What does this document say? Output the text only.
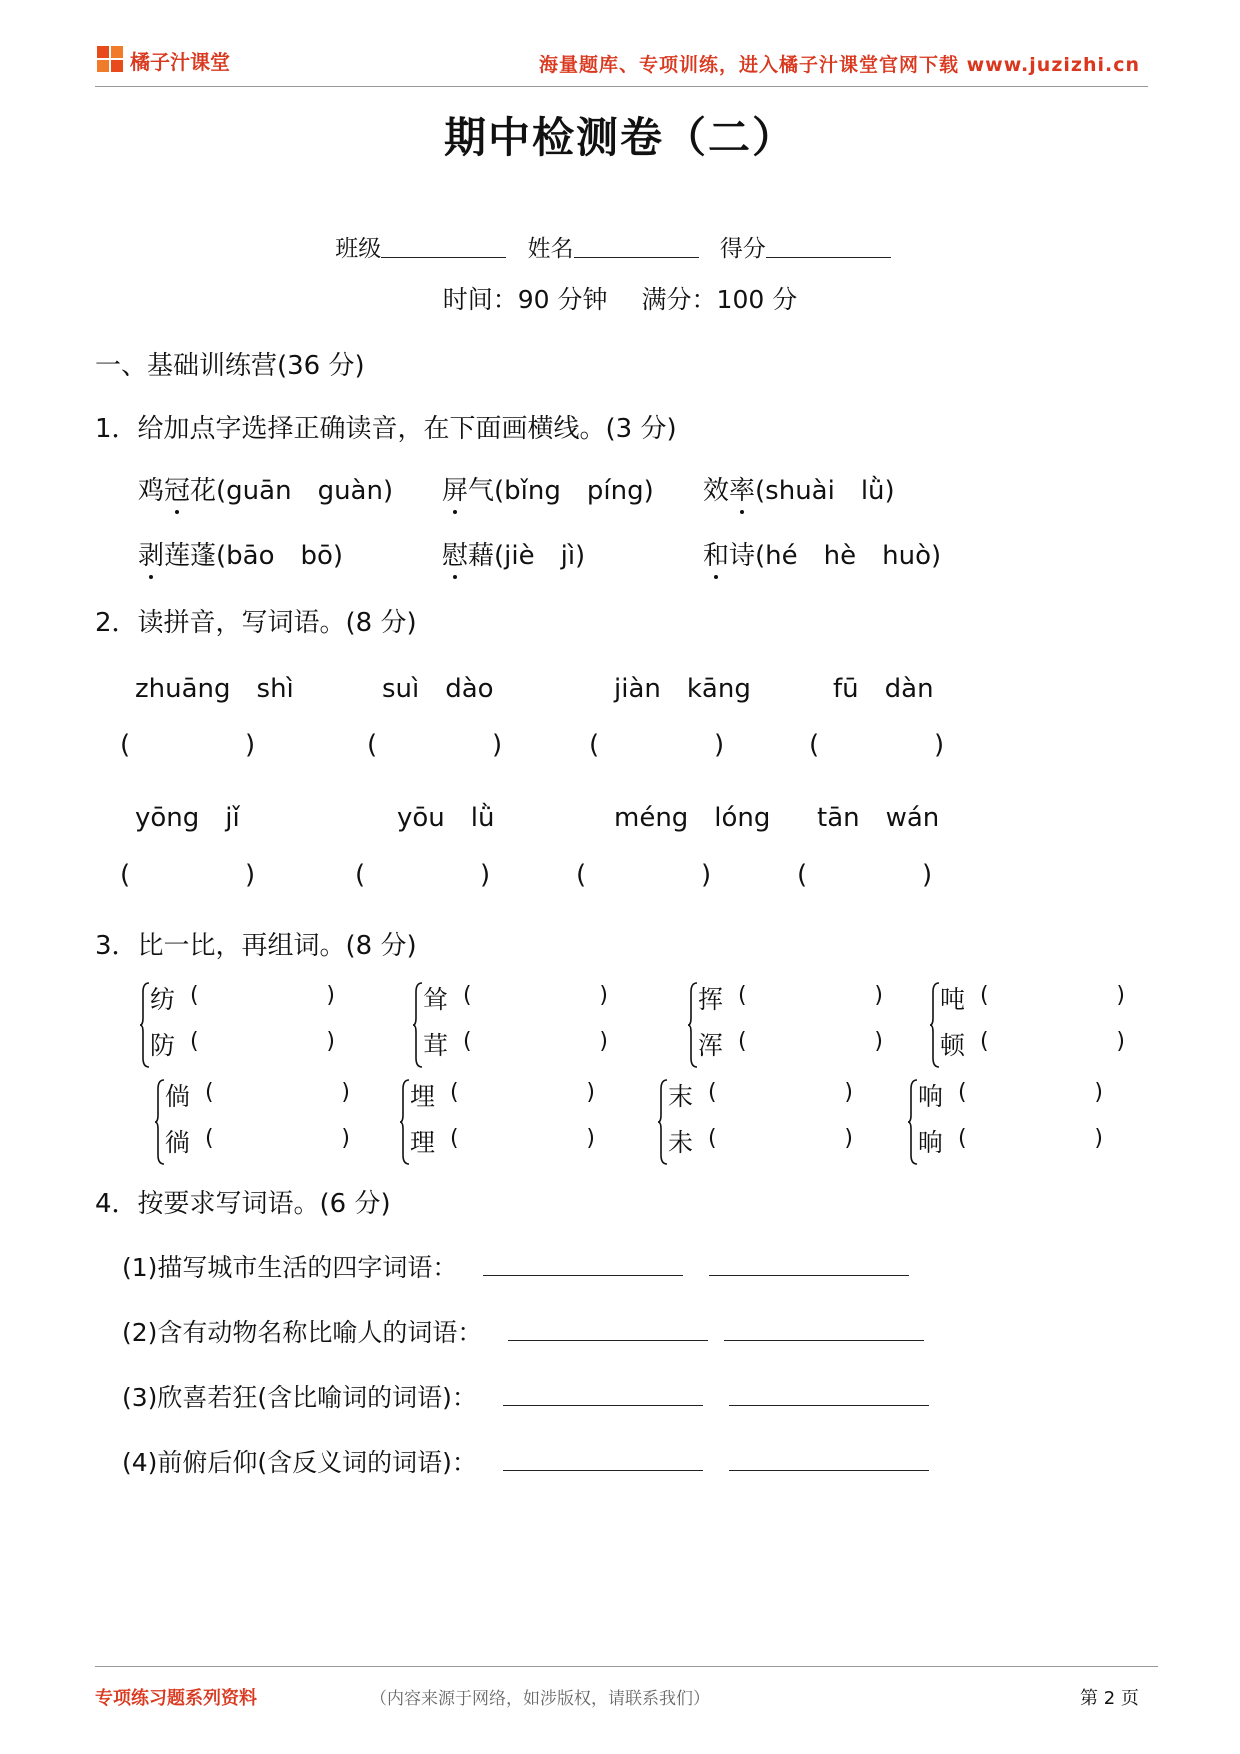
橘子汁课堂	海量题库、专项训练，进入橘子汁课堂官网下载 www.juzizhi.cn
期中检测卷（二）
班级	姓名	得分
时间：90 分钟 满分：100 分
一、基础训练营(36 分)
1．给加点字选择正确读音，在下面画横线。(3 分)
鸡冠花(guān　guàn) 屏气(bǐng　píng) 效率(shuài　lǜ)
剥莲蓬(bāo　bō)	慰藉(jiè　jì)	和诗(hé　hè　huò)
2．读拼音，写词语。(8 分)
zhuāng　shì	suì　dào	jiàn　kāng	fū　dàn
(	)	(	)	(	)	(	)
yōng　jǐ	yōu　lǜ	méng　lóng tān　wán
(	)	(	)	(	)	(	)
3．比一比，再组词。(8 分)
纺 (	)
防 (	)
耸 (	)
茸 (	)
挥 (	)
浑 (	)
吨 (	)
顿 (	)
倘 (	)
徜 (	)
埋 (	)
理 (	)
末 (	)
未 (	)
响 (	)
晌 (	)
4．按要求写词语。(6 分)
(1)描写城市生活的四字词语：
(2)含有动物名称比喻人的词语：
(3)欣喜若狂(含比喻词的词语)：
(4)前俯后仰(含反义词的词语)：
专项练习题系列资料	（内容来源于网络，如涉版权，请联系我们）	第 2 页
